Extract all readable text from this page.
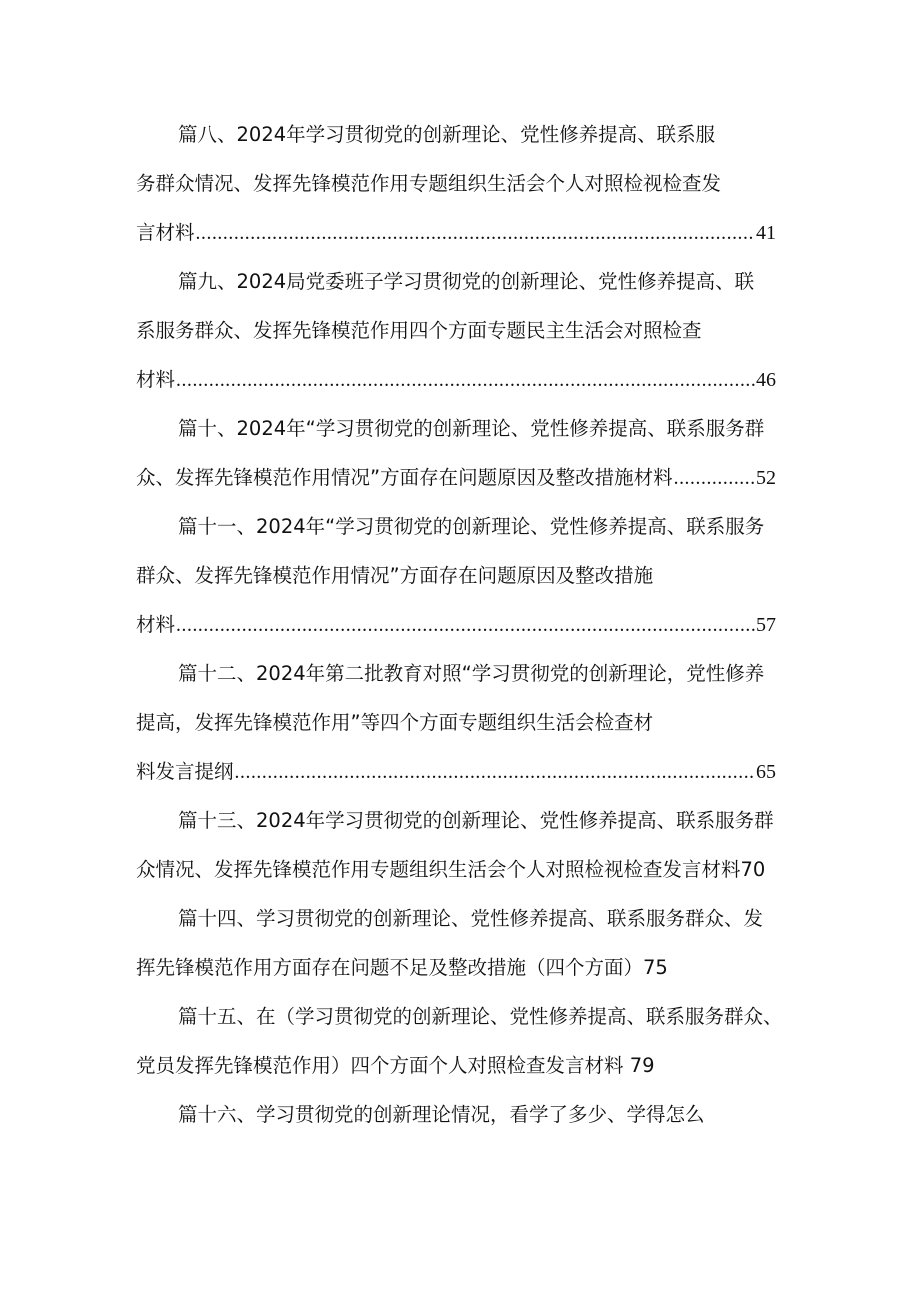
篇八、2024年学习贯彻党的创新理论、党性修养提高、联系服
务群众情况、发挥先锋模范作用专题组织生活会个人对照检视检查发
言材料 .....	41
篇九、2024局党委班子学习贯彻党的创新理论、党性修养提高、联
系服务群众、发挥先锋模范作用四个方面专题民主生活会对照检查
材料 .....	46
篇十、2024年“学习贯彻党的创新理论、党性修养提高、联系服务群
众、发挥先锋模范作用情况”方面存在问题原因及整改措施材料 .....	52
篇十一、2024年“学习贯彻党的创新理论、党性修养提高、联系服务
群众、发挥先锋模范作用情况”方面存在问题原因及整改措施
材料 .....	57
篇十二、2024年第二批教育对照“学习贯彻党的创新理论，党性修养
提高，发挥先锋模范作用”等四个方面专题组织生活会检查材
料发言提纲 .....	65
篇十三、2024年学习贯彻党的创新理论、党性修养提高、联系服务群
众情况、发挥先锋模范作用专题组织生活会个人对照检视检查发言材料70
篇十四、学习贯彻党的创新理论、党性修养提高、联系服务群众、发
挥先锋模范作用方面存在问题不足及整改措施（四个方面）75
篇十五、在（学习贯彻党的创新理论、党性修养提高、联系服务群众、
党员发挥先锋模范作用）四个方面个人对照检查发言材料 79
篇十六、学习贯彻党的创新理论情况，看学了多少、学得怎么
